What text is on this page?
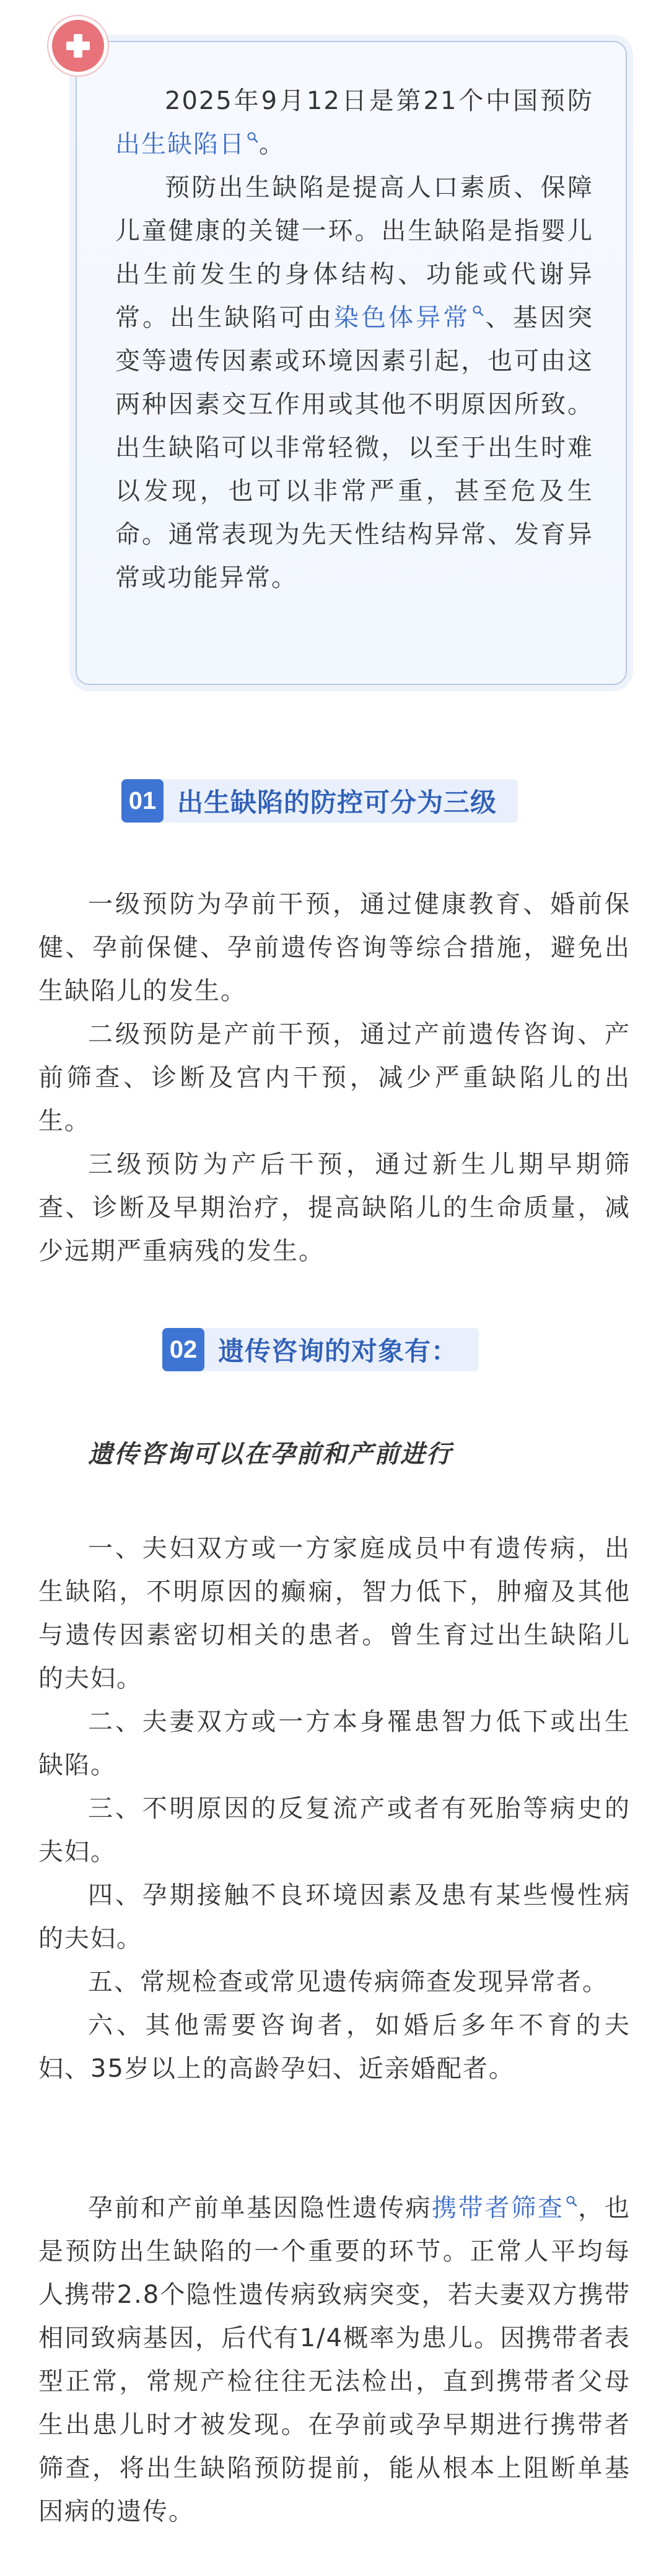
2025年9月12日是第21个中国预防出生缺陷日 。

预防出生缺陷是提高人口素质、保障儿童健康的关键一环。出生缺陷是指婴儿出生前发生的身体结构、功能或代谢异常。出生缺陷可由染色体异常 、基因突变等遗传因素或环境因素引起，也可由这两种因素交互作用或其他不明原因所致。出生缺陷可以非常轻微，以至于出生时难以发现，也可以非常严重，甚至危及生命。通常表现为先天性结构异常、发育异常或功能异常。

01 出生缺陷的防控可分为三级

一级预防为孕前干预，通过健康教育、婚前保健、孕前保健、孕前遗传咨询等综合措施，避免出生缺陷儿的发生。

二级预防是产前干预，通过产前遗传咨询、产前筛查、诊断及宫内干预，减少严重缺陷儿的出生。

三级预防为产后干预，通过新生儿期早期筛查、诊断及早期治疗，提高缺陷儿的生命质量，减少远期严重病残的发生。

02 遗传咨询的对象有：
遗传咨询可以在孕前和产前进行

一、夫妇双方或一方家庭成员中有遗传病，出生缺陷，不明原因的癫痫，智力低下，肿瘤及其他与遗传因素密切相关的患者。曾生育过出生缺陷儿的夫妇。

二、夫妻双方或一方本身罹患智力低下或出生缺陷。

三、不明原因的反复流产或者有死胎等病史的夫妇。

四、孕期接触不良环境因素及患有某些慢性病的夫妇。

五、常规检查或常见遗传病筛查发现异常者。

六、其他需要咨询者，如婚后多年不育的夫妇、35岁以上的高龄孕妇、近亲婚配者。

孕前和产前单基因隐性遗传病携带者筛查 ，也是预防出生缺陷的一个重要的环节。正常人平均每人携带2.8个隐性遗传病致病突变，若夫妻双方携带相同致病基因，后代有1/4概率为患儿。因携带者表型正常，常规产检往往无法检出，直到携带者父母生出患儿时才被发现。在孕前或孕早期进行携带者筛查，将出生缺陷预防提前，能从根本上阻断单基因病的遗传。
